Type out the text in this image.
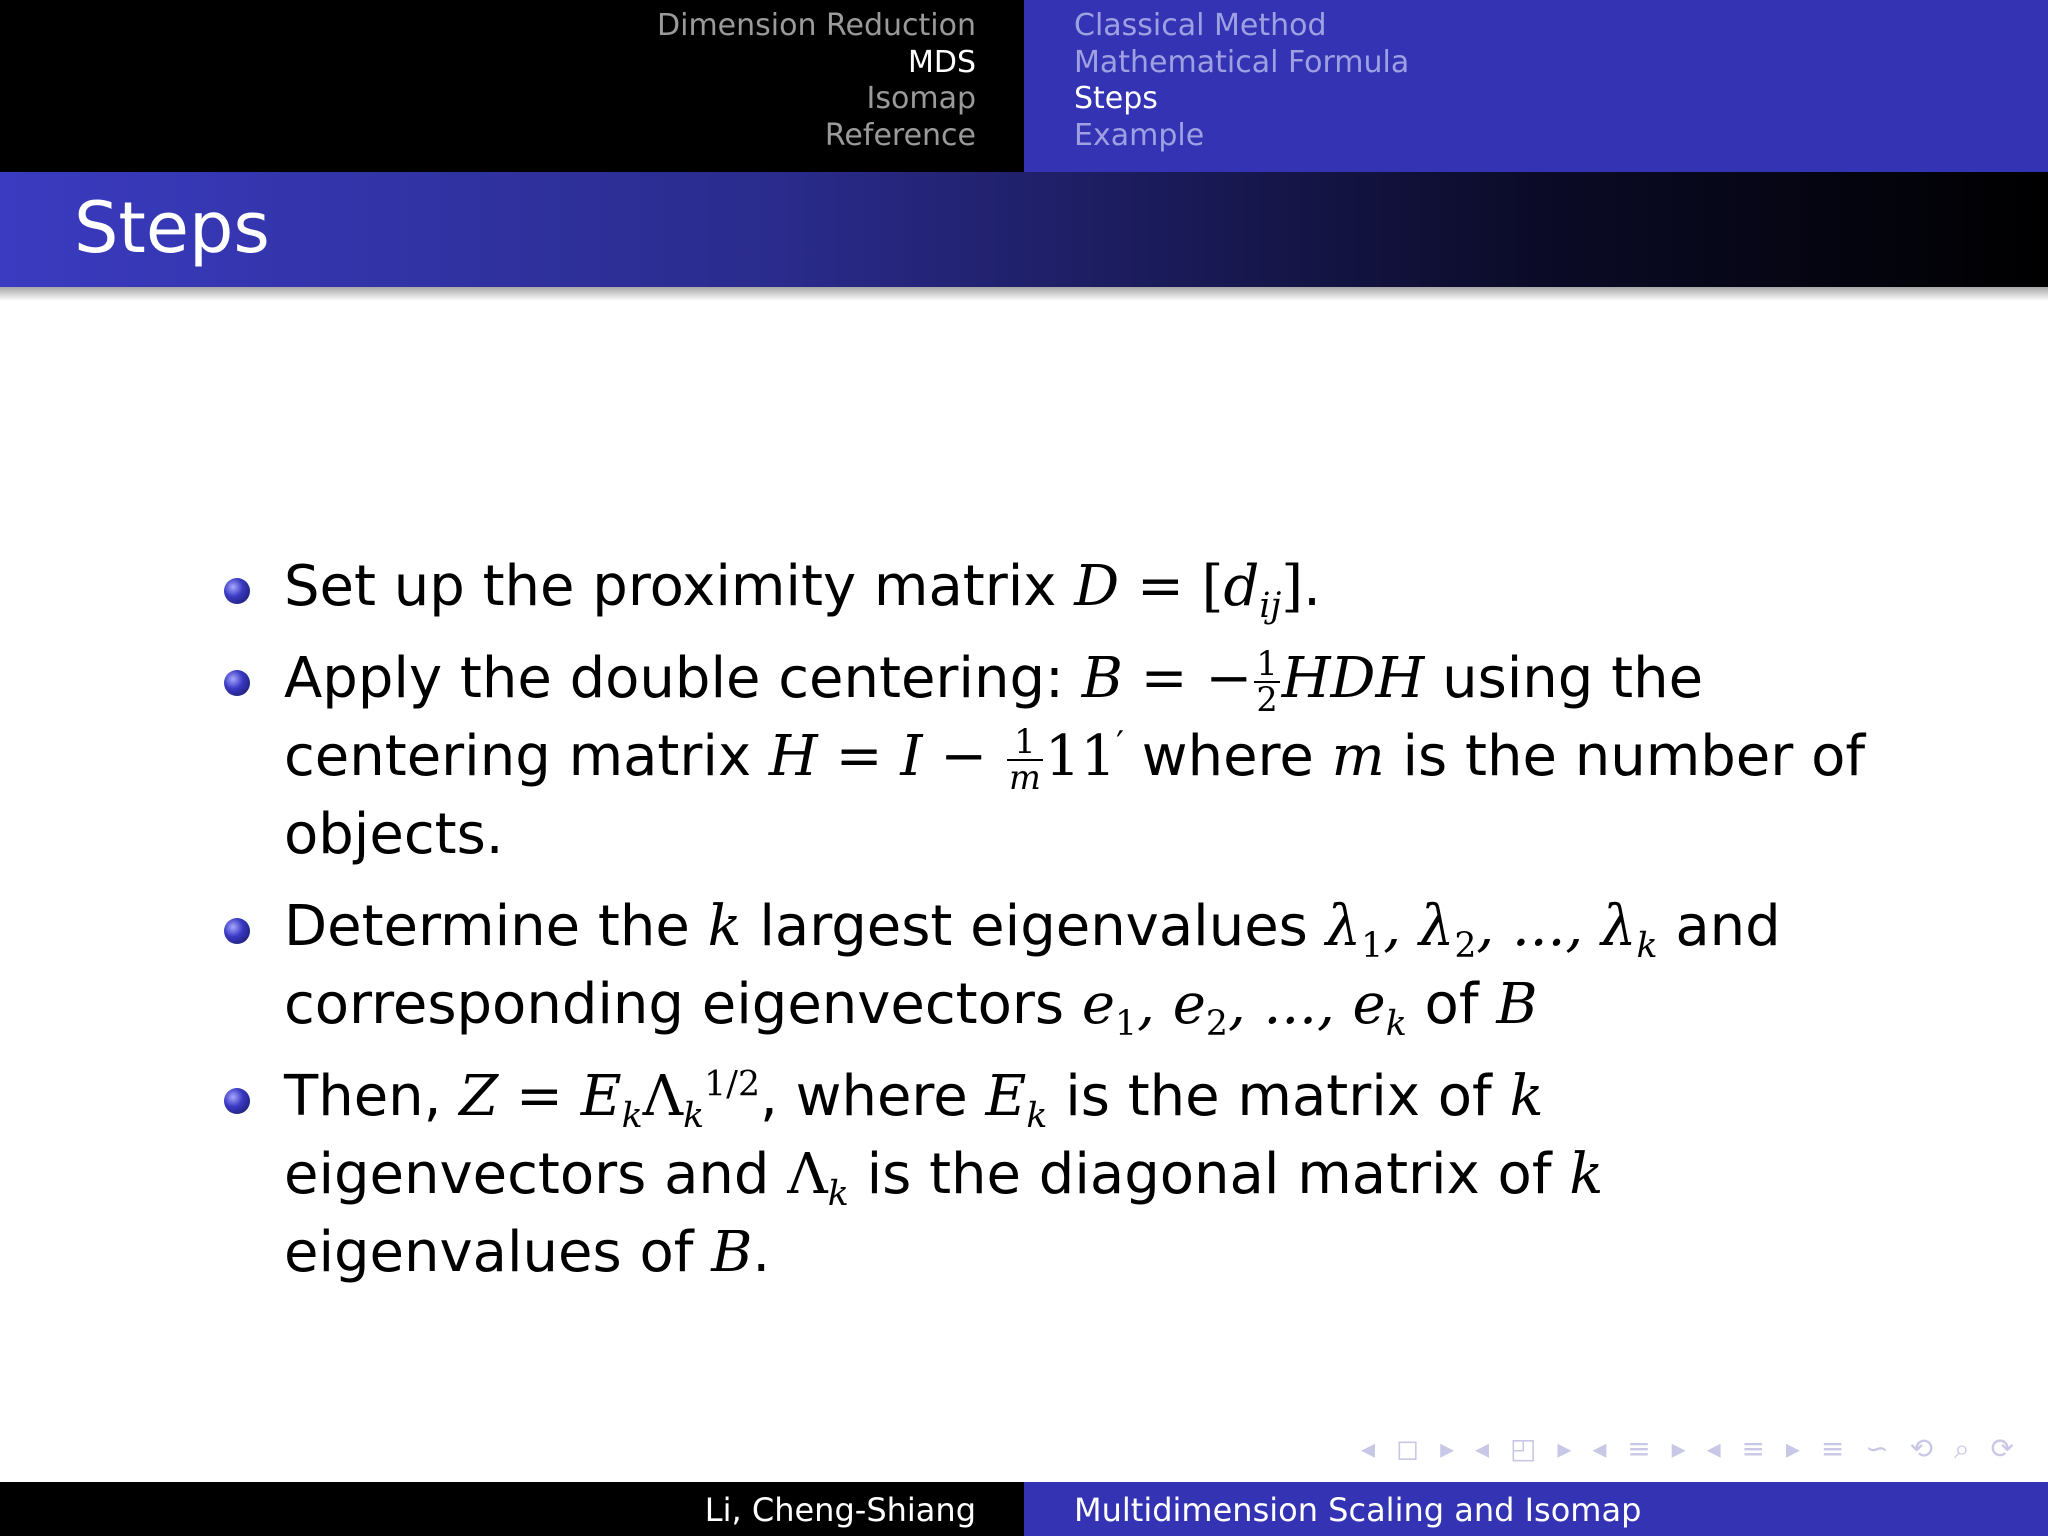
Dimension Reduction
MDS
Isomap
Reference
Classical Method
Mathematical Formula
Steps
Example
Steps
Set up the proximity matrix $D = [d_{ij}]$.
Apply the double centering: B = − $\frac{1}{2}$ HDH using the centering matrix $H = I - \frac{1}{m} 11'$ where m is the number of objects.
Determine the k largest eigenvalues $\lambda_1$, $\lambda_2$, ..., $\lambda_k$ and corresponding eigenvectors $e_1$, $e_2$, ..., $e_k$ of B
Then, $Z = E_k\Lambda_k^{1/2}$, where $E_k$ is the matrix of k eigenvectors and $\Lambda_k$ is the diagonal matrix of k eigenvalues of B.
◂ ◻ ▸ ◂ ◰ ▸ ◂ ≡ ▸ ◂ ≡ ▸ ≡ ∽ ⟲ ⌕ ⟳
Li, Cheng-Shiang	Multidimension Scaling and Isomap
